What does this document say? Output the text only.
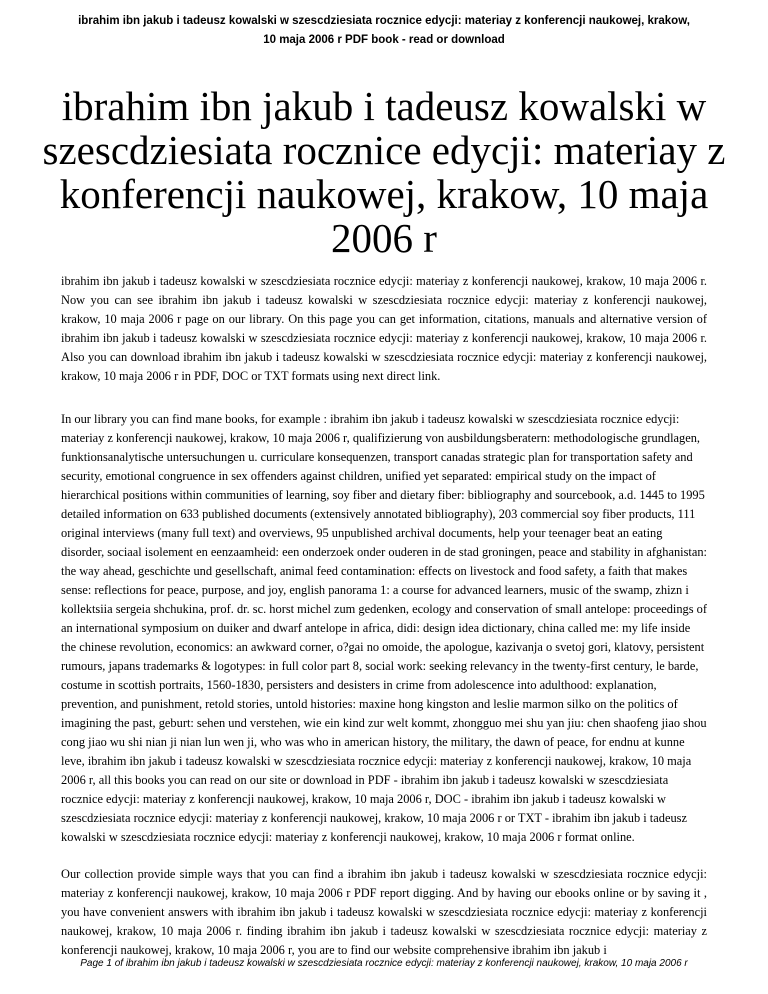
ibrahim ibn jakub i tadeusz kowalski w szescdziesiata rocznice edycji: materiay z konferencji naukowej, krakow,
10 maja 2006 r PDF book - read or download
ibrahim ibn jakub i tadeusz kowalski w
szescdziesiata rocznice edycji: materiay z
konferencji naukowej, krakow, 10 maja
2006 r

ibrahim ibn jakub i tadeusz kowalski w szescdziesiata rocznice edycji: materiay z konferencji naukowej, krakow, 10 maja 2006 r. Now you can see ibrahim ibn jakub i tadeusz kowalski w szescdziesiata rocznice edycji: materiay z konferencji naukowej, krakow, 10 maja 2006 r page on our library. On this page you can get information, citations, manuals and alternative version of ibrahim ibn jakub i tadeusz kowalski w szescdziesiata rocznice edycji: materiay z konferencji naukowej, krakow, 10 maja 2006 r. Also you can download ibrahim ibn jakub i tadeusz kowalski w szescdziesiata rocznice edycji: materiay z konferencji naukowej, krakow, 10 maja 2006 r in PDF, DOC or TXT formats using next direct link.

In our library you can find mane books, for example : ibrahim ibn jakub i tadeusz kowalski w szescdziesiata rocznice edycji: materiay z konferencji naukowej, krakow, 10 maja 2006 r, qualifizierung von ausbildungsberatern: methodologische grundlagen, funktionsanalytische untersuchungen u. curriculare konsequenzen, transport canadas strategic plan for transportation safety and security, emotional congruence in sex offenders against children, unified yet separated: empirical study on the impact of hierarchical positions within communities of learning, soy fiber and dietary fiber: bibliography and sourcebook, a.d. 1445 to 1995 detailed information on 633 published documents (extensively annotated bibliography), 203 commercial soy fiber products, 111 original interviews (many full text) and overviews, 95 unpublished archival documents, help your teenager beat an eating disorder, sociaal isolement en eenzaamheid: een onderzoek onder ouderen in de stad groningen, peace and stability in afghanistan: the way ahead, geschichte und gesellschaft, animal feed contamination: effects on livestock and food safety, a faith that makes sense: reflections for peace, purpose, and joy, english panorama 1: a course for advanced learners, music of the swamp, zhizn i kollektsiia sergeia shchukina, prof. dr. sc. horst michel zum gedenken, ecology and conservation of small antelope: proceedings of an international symposium on duiker and dwarf antelope in africa, didi: design idea dictionary, china called me: my life inside the chinese revolution, economics: an awkward corner, o?gai no omoide, the apologue, kazivanja o svetoj gori, klatovy, persistent rumours, japans trademarks & logotypes: in full color part 8, social work: seeking relevancy in the twenty-first century, le barde, costume in scottish portraits, 1560-1830, persisters and desisters in crime from adolescence into adulthood: explanation, prevention, and punishment, retold stories, untold histories: maxine hong kingston and leslie marmon silko on the politics of imagining the past, geburt: sehen und verstehen, wie ein kind zur welt kommt, zhongguo mei shu yan jiu: chen shaofeng jiao shou cong jiao wu shi nian ji nian lun wen ji, who was who in american history, the military, the dawn of peace, for endnu at kunne leve, ibrahim ibn jakub i tadeusz kowalski w szescdziesiata rocznice edycji: materiay z konferencji naukowej, krakow, 10 maja 2006 r, all this books you can read on our site or download in PDF - ibrahim ibn jakub i tadeusz kowalski w szescdziesiata rocznice edycji: materiay z konferencji naukowej, krakow, 10 maja 2006 r, DOC - ibrahim ibn jakub i tadeusz kowalski w szescdziesiata rocznice edycji: materiay z konferencji naukowej, krakow, 10 maja 2006 r or TXT - ibrahim ibn jakub i tadeusz kowalski w szescdziesiata rocznice edycji: materiay z konferencji naukowej, krakow, 10 maja 2006 r format online.

Our collection provide simple ways that you can find a ibrahim ibn jakub i tadeusz kowalski w szescdziesiata rocznice edycji: materiay z konferencji naukowej, krakow, 10 maja 2006 r PDF report digging. And by having our ebooks online or by saving it , you have convenient answers with ibrahim ibn jakub i tadeusz kowalski w szescdziesiata rocznice edycji: materiay z konferencji naukowej, krakow, 10 maja 2006 r. finding ibrahim ibn jakub i tadeusz kowalski w szescdziesiata rocznice edycji: materiay z konferencji naukowej, krakow, 10 maja 2006 r, you are to find our website comprehensive ibrahim ibn jakub i

Page 1 of ibrahim ibn jakub i tadeusz kowalski w szescdziesiata rocznice edycji: materiay z konferencji naukowej, krakow, 10 maja 2006 r
